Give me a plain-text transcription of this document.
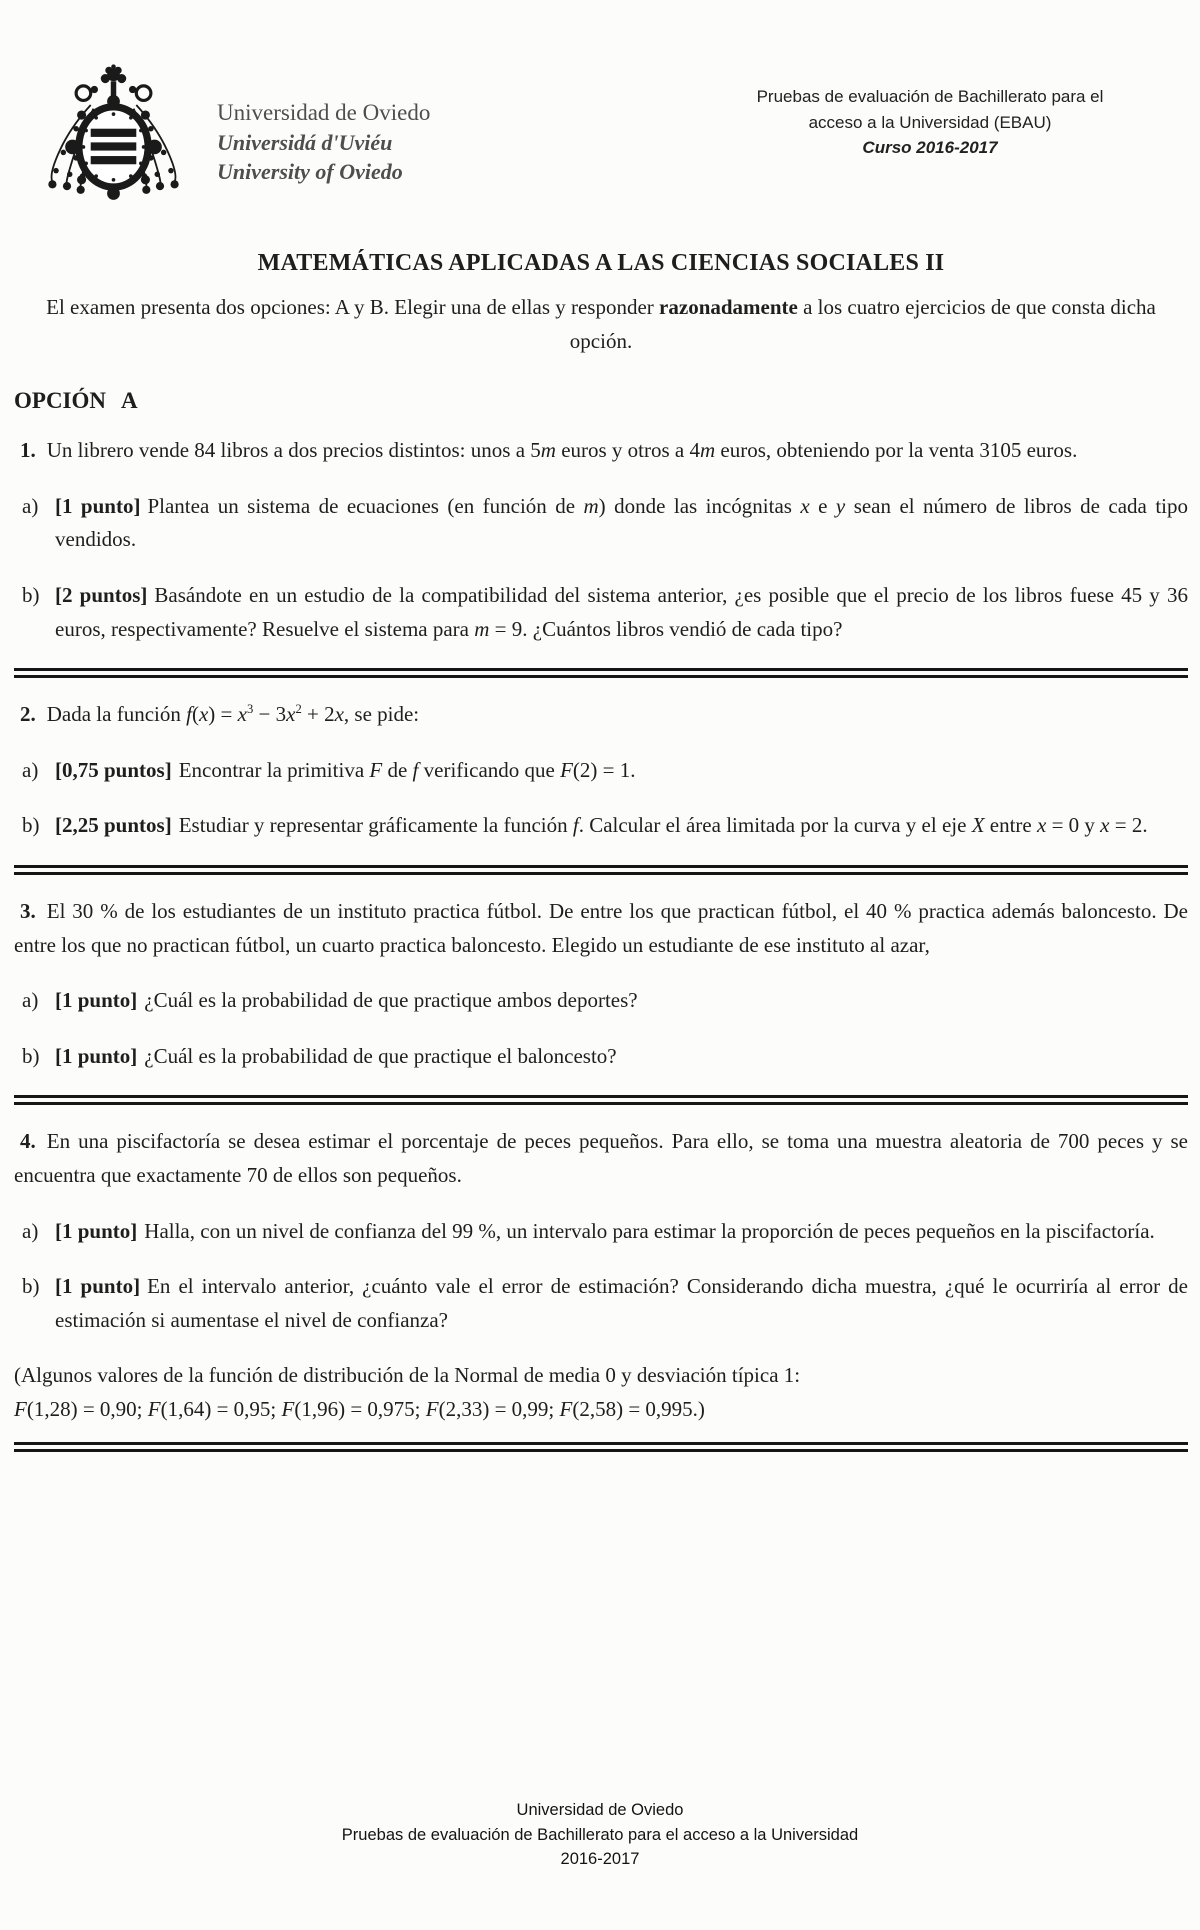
Universidad de Oviedo
Universidá d'Uviéu
University of Oviedo
Pruebas de evaluación de Bachillerato para el
acceso a la Universidad (EBAU)
Curso 2016-2017
MATEMÁTICAS APLICADAS A LAS CIENCIAS SOCIALES II

El examen presenta dos opciones: A y B. Elegir una de ellas y responder razonadamente a los cuatro ejercicios de que consta dicha opción.

OPCIÓN A

1. Un librero vende 84 libros a dos precios distintos: unos a 5m euros y otros a 4m euros, obteniendo por la venta 3105 euros.

a) [1 punto] Plantea un sistema de ecuaciones (en función de m) donde las incógnitas x e y sean el número de libros de cada tipo vendidos.

b) [2 puntos] Basándote en un estudio de la compatibilidad del sistema anterior, ¿es posible que el precio de los libros fuese 45 y 36 euros, respectivamente? Resuelve el sistema para m = 9. ¿Cuántos libros vendió de cada tipo?

2. Dada la función $f(x) = x^3 - 3x^2 + 2x$, se pide:

a) [0,75 puntos] Encontrar la primitiva F de f verificando que F(2) = 1.

b) [2,25 puntos] Estudiar y representar gráficamente la función f. Calcular el área limitada por la curva y el eje X entre x = 0 y x = 2.

3. El 30 % de los estudiantes de un instituto practica fútbol. De entre los que practican fútbol, el 40 % practica además baloncesto. De entre los que no practican fútbol, un cuarto practica baloncesto. Elegido un estudiante de ese instituto al azar,

a) [1 punto] ¿Cuál es la probabilidad de que practique ambos deportes?

b) [1 punto] ¿Cuál es la probabilidad de que practique el baloncesto?

4. En una piscifactoría se desea estimar el porcentaje de peces pequeños. Para ello, se toma una muestra aleatoria de 700 peces y se encuentra que exactamente 70 de ellos son pequeños.

a) [1 punto] Halla, con un nivel de confianza del 99 %, un intervalo para estimar la proporción de peces pequeños en la piscifactoría.

b) [1 punto] En el intervalo anterior, ¿cuánto vale el error de estimación? Considerando dicha muestra, ¿qué le ocurriría al error de estimación si aumentase el nivel de confianza?

(Algunos valores de la función de distribución de la Normal de media 0 y desviación típica 1:
F(1,28) = 0,90; F(1,64) = 0,95; F(1,96) = 0,975; F(2,33) = 0,99; F(2,58) = 0,995.)
Universidad de Oviedo
Pruebas de evaluación de Bachillerato para el acceso a la Universidad
2016-2017
